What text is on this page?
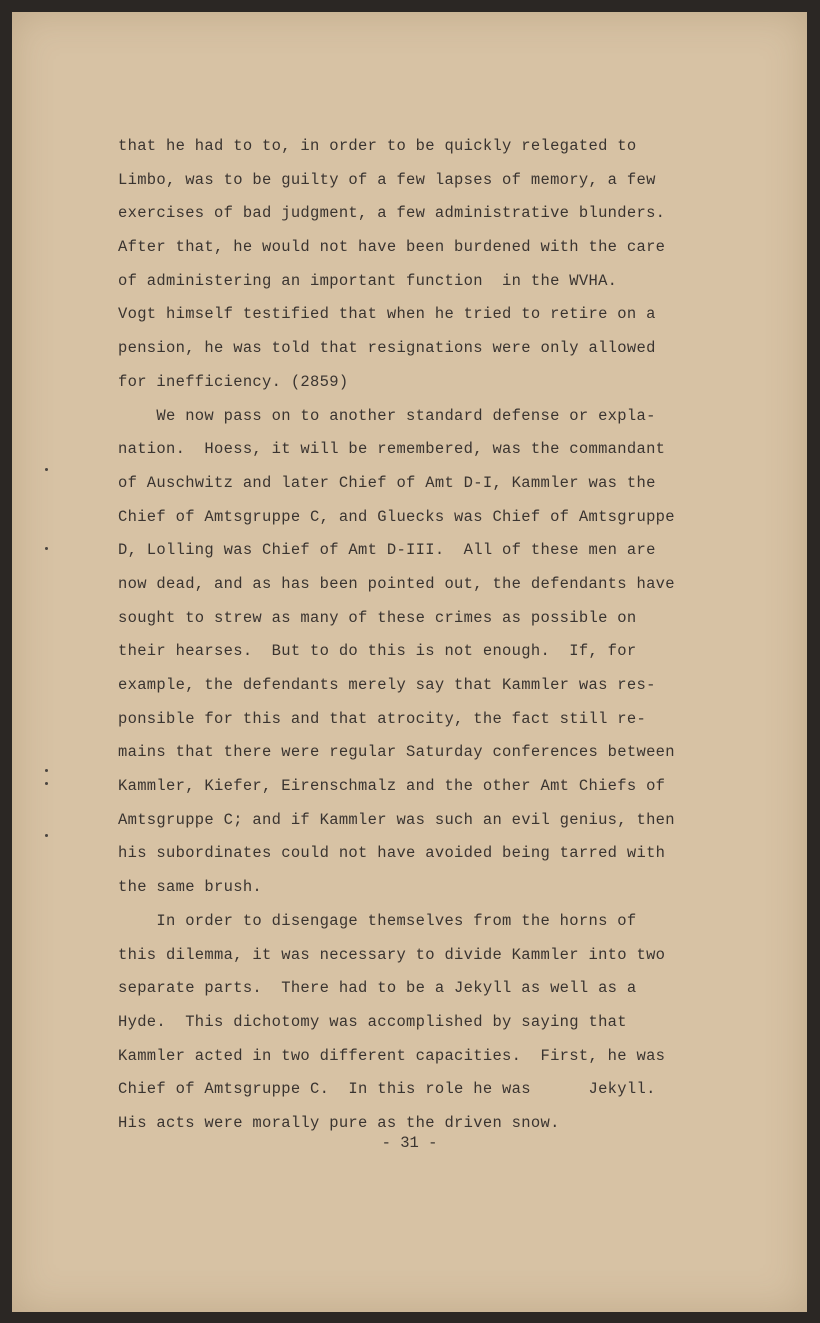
that he had to to, in order to be quickly relegated to
Limbo, was to be guilty of a few lapses of memory, a few
exercises of bad judgment, a few administrative blunders.
After that, he would not have been burdened with the care
of administering an important function  in the WVHA.
Vogt himself testified that when he tried to retire on a
pension, he was told that resignations were only allowed
for inefficiency. (2859)
We now pass on to another standard defense or expla-
nation.  Hoess, it will be remembered, was the commandant
of Auschwitz and later Chief of Amt D-I, Kammler was the
Chief of Amtsgruppe C, and Gluecks was Chief of Amtsgruppe
D, Lolling was Chief of Amt D-III.  All of these men are
now dead, and as has been pointed out, the defendants have
sought to strew as many of these crimes as possible on
their hearses.  But to do this is not enough.  If, for
example, the defendants merely say that Kammler was res-
ponsible for this and that atrocity, the fact still re-
mains that there were regular Saturday conferences between
Kammler, Kiefer, Eirenschmalz and the other Amt Chiefs of
Amtsgruppe C; and if Kammler was such an evil genius, then
his subordinates could not have avoided being tarred with
the same brush.
In order to disengage themselves from the horns of
this dilemma, it was necessary to divide Kammler into two
separate parts.  There had to be a Jekyll as well as a
Hyde.  This dichotomy was accomplished by saying that
Kammler acted in two different capacities.  First, he was
Chief of Amtsgruppe C.  In this role he was      Jekyll.
His acts were morally pure as the driven snow.
- 31 -
